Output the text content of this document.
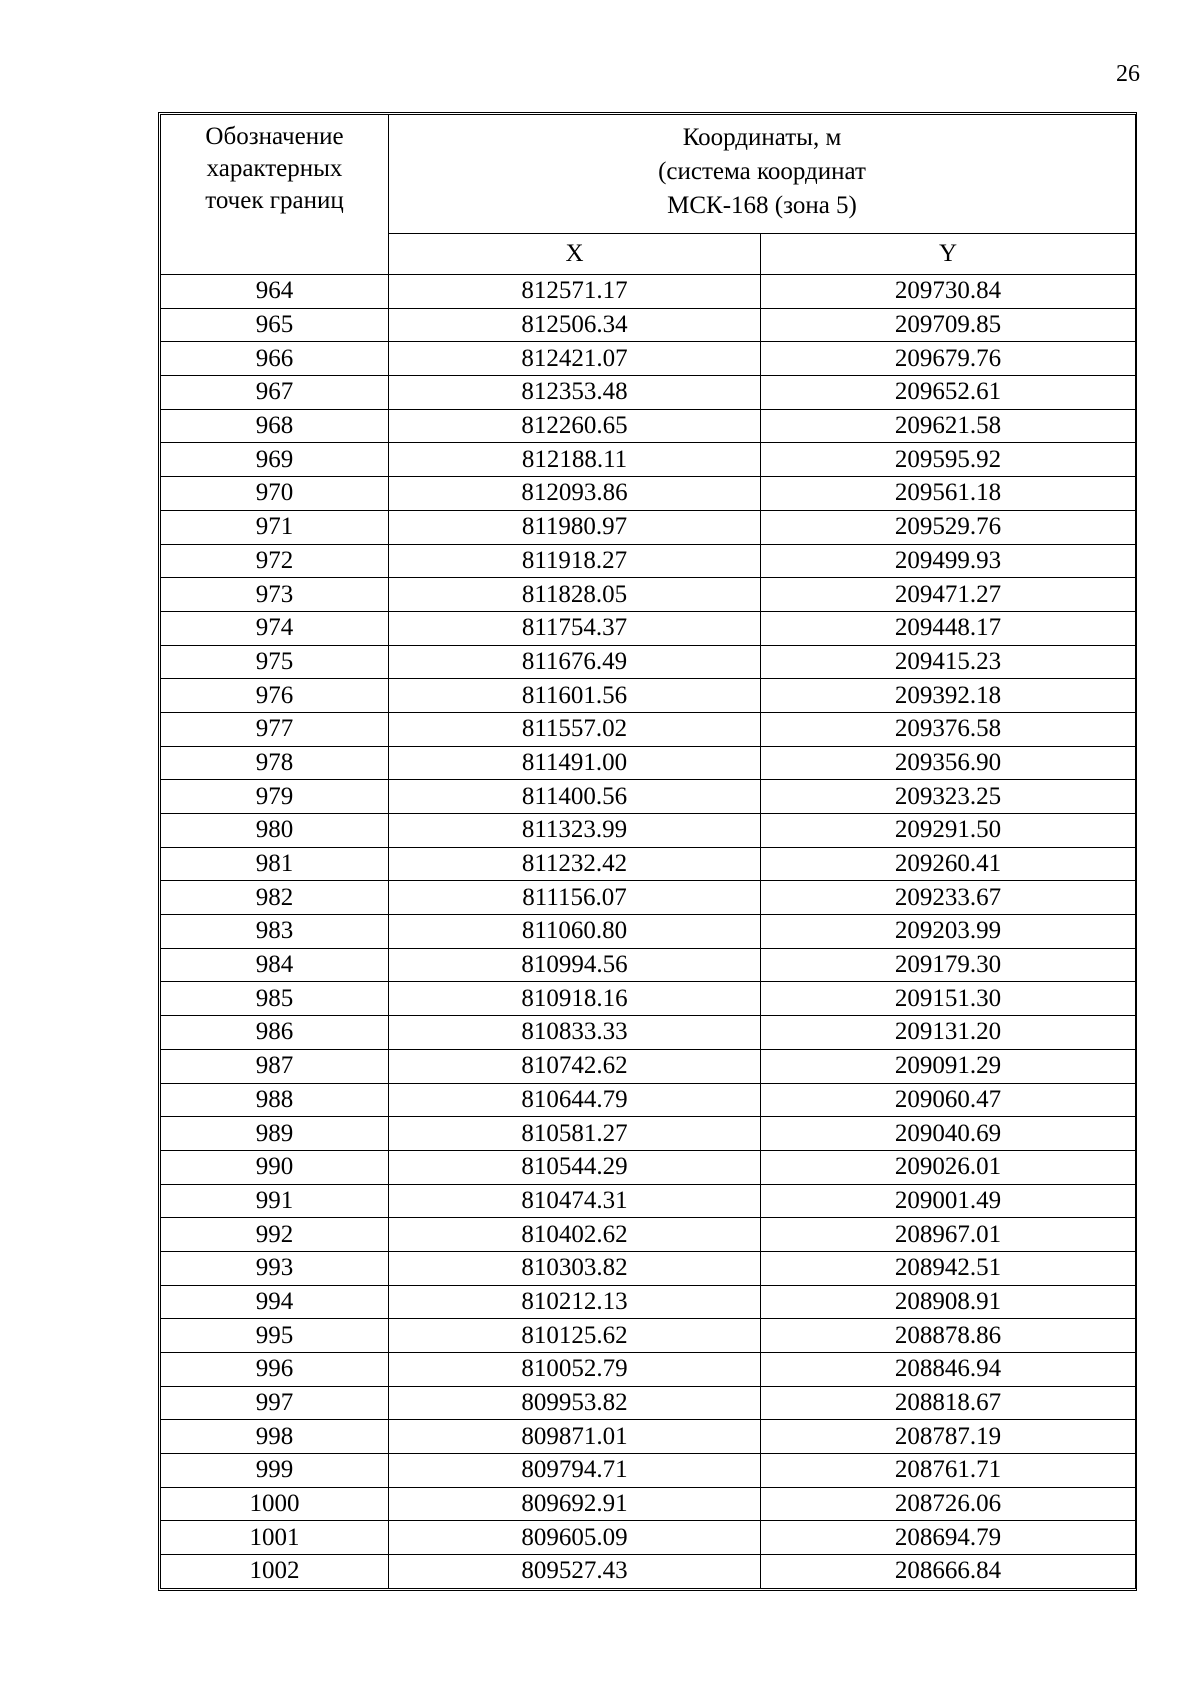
26
Обозначение
характерных
точек границ	Координаты, м
(система координат
МСК-168 (зона 5)	

	X	Y
964	812571.17	209730.84
965	812506.34	209709.85
966	812421.07	209679.76
967	812353.48	209652.61
968	812260.65	209621.58
969	812188.11	209595.92
970	812093.86	209561.18
971	811980.97	209529.76
972	811918.27	209499.93
973	811828.05	209471.27
974	811754.37	209448.17
975	811676.49	209415.23
976	811601.56	209392.18
977	811557.02	209376.58
978	811491.00	209356.90
979	811400.56	209323.25
980	811323.99	209291.50
981	811232.42	209260.41
982	811156.07	209233.67
983	811060.80	209203.99
984	810994.56	209179.30
985	810918.16	209151.30
986	810833.33	209131.20
987	810742.62	209091.29
988	810644.79	209060.47
989	810581.27	209040.69
990	810544.29	209026.01
991	810474.31	209001.49
992	810402.62	208967.01
993	810303.82	208942.51
994	810212.13	208908.91
995	810125.62	208878.86
996	810052.79	208846.94
997	809953.82	208818.67
998	809871.01	208787.19
999	809794.71	208761.71
1000	809692.91	208726.06
1001	809605.09	208694.79
1002	809527.43	208666.84
